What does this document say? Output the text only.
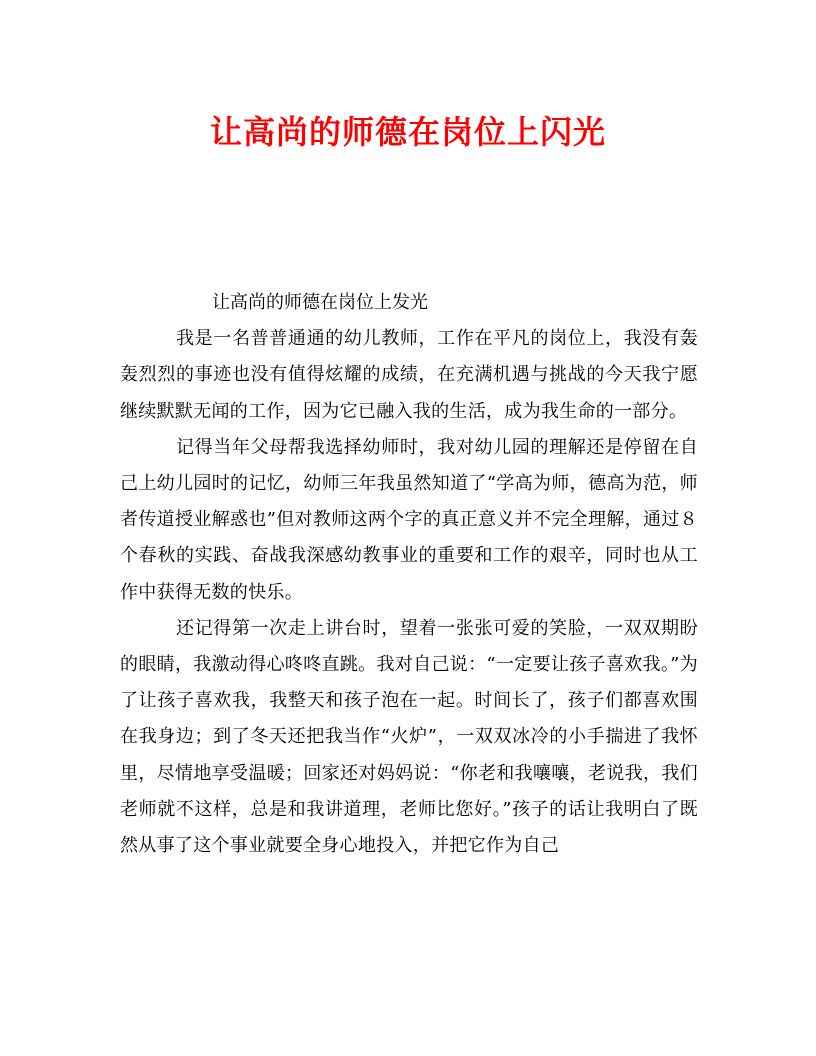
让高尚的师德在岗位上闪光

让高尚的师德在岗位上发光

我是一名普普通通的幼儿教师，工作在平凡的岗位上，我没有轰轰烈烈的事迹也没有值得炫耀的成绩，在充满机遇与挑战的今天我宁愿继续默默无闻的工作，因为它已融入我的生活，成为我生命的一部分。

记得当年父母帮我选择幼师时，我对幼儿园的理解还是停留在自己上幼儿园时的记忆，幼师三年我虽然知道了“学高为师，德高为范，师者传道授业解惑也”但对教师这两个字的真正意义并不完全理解，通过８个春秋的实践、奋战我深感幼教事业的重要和工作的艰辛，同时也从工作中获得无数的快乐。

还记得第一次走上讲台时，望着一张张可爱的笑脸，一双双期盼的眼睛，我激动得心咚咚直跳。我对自己说：“一定要让孩子喜欢我。”为了让孩子喜欢我，我整天和孩子泡在一起。时间长了，孩子们都喜欢围在我身边；到了冬天还把我当作“火炉”，一双双冰冷的小手揣进了我怀里，尽情地享受温暖；回家还对妈妈说：“你老和我嚷嚷，老说我，我们老师就不这样，总是和我讲道理，老师比您好。”孩子的话让我明白了既然从事了这个事业就要全身心地投入，并把它作为自己
